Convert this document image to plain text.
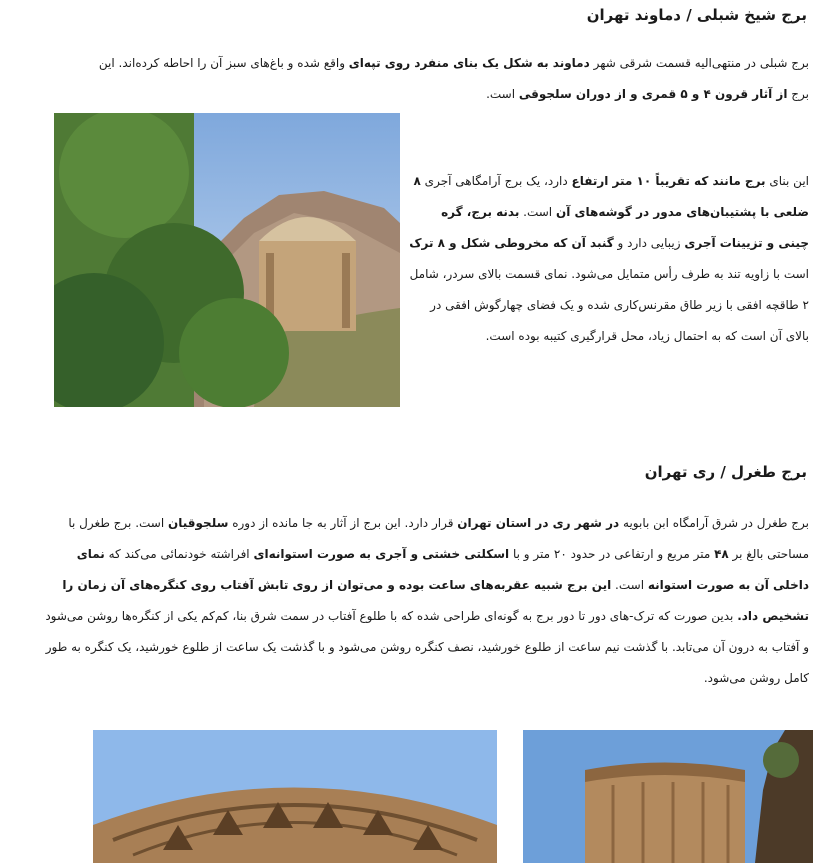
برج شیخ شبلی / دماوند تهران
برج شبلی در منتهی‌الیه قسمت شرقی شهر دماوند به شکل یک بنای منفرد روی تپه‌ای واقع شده و باغ‌های سبز آن را احاطه کرده‌اند. این برج از آثار قرون ۴ و ۵ قمری و از دوران سلجوقی است.
این بنای برج مانند که تقریباً ۱۰ متر ارتفاع دارد، یک برج آرامگاهی آجری ۸ ضلعی با پشتیبان‌های مدور در گوشه‌های آن است. بدنه برج، گره چینی و تزیینات آجری زیبایی دارد و گنبد آن که مخروطی شکل و ۸ ترک است با زاویه تند به طرف رأس متمایل می‌شود. نمای قسمت بالای سردر، شامل ۲ طاقچه افقی با زیر طاق مقرنس‌کاری شده و یک فضای چهارگوش افقی در بالای آن است که به احتمال زیاد، محل قرارگیری کتیبه بوده است.
برج طغرل / ری تهران
برج طغرل در شرق آرامگاه ابن بابویه در شهر ری در استان تهران قرار دارد. این برج از آثار به جا مانده از دوره سلجوقیان است. برج طغرل با مساحتی بالغ بر ۴۸ متر مربع و ارتفاعی در حدود ۲۰ متر و با اسکلتی خشتی و آجری به صورت استوانه‌ای افراشته خودنمائی می‌کند که نمای داخلی آن به صورت استوانه است. این برج شبیه عقربه‌های ساعت بوده و می‌توان از روی تابش آفتاب روی کنگره‌های آن زمان را تشخیص داد. بدین صورت که ترک‌-های دور تا دور برج به گونه‌ای طراحی شده که با طلوع آفتاب در سمت شرق بنا، کم‌کم یکی از کنگره‌ها روشن می‌شود و آفتاب به درون آن می‌تابد. با گذشت نیم ساعت از طلوع خورشید، نصف کنگره روشن می‌شود و با گذشت یک ساعت از طلوع خورشید، یک کنگره به طور کامل روشن می‌شود.
